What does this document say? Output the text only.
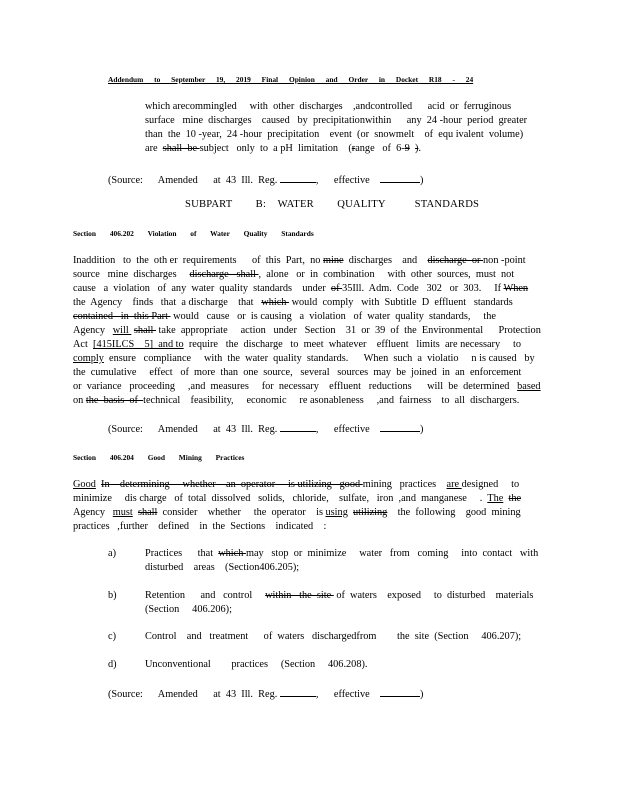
Addendum to September 19, 2019 Final Opinion and Order in Docket R18 - 24
which arecommingled     with  other  discharges    ,andcontrolled      acid  or  ferruginous
surface   mine  discharges    caused   by  precipitationwithin      any  24 -hour  period  greater
than  the  10 -year,  24 -hour  precipitation    event  (or  snowmelt    of  equ ivalent  volume)
are  shall  be subject   only  to  a pH  limitation    (range   of  6-9 ).
(Source:      Amended      at  43  Ill.  Reg.	,      effective	)
SUBPART    B:  WATER    QUALITY     STANDARDS
Section 406.202 Violation of Water Quality Standards
Inaddition   to  the  oth er  requirements      of  this  Part,  no mine  discharges    and    discharge  or non -point
source   mine  discharges     discharge   shall ,  alone   or  in  combination     with  other  sources,  must  not
cause   a  violation   of  any  water  quality  standards    under  of 35Ill.  Adm.  Code   302   or  303.     If When
the  Agency    finds   that  a discharge    that   which  would  comply   with  Subtitle  D  effluent   standards
contained   in  this Part  would   cause   or  is causing   a  violation   of  water  quality  standards,     the
Agency   will  shall  take  appropriate     action   under   Section    31  or  39  of  the  Environmental      Protection
Act  [415ILCS    5]  and to  require   the  discharge   to  meet  whatever    effluent   limits  are necessary     to
comply  ensure   compliance     with  the  water  quality  standards.      When  such  a  violatio     n is caused   by
the  cumulative     effect   of  more  than  one  source,   several   sources  may  be  joined  in  an  enforcement
or  variance   proceeding     ,and  measures     for  necessary    effluent   reductions      will  be  determined   based
on the  basis  of  technical    feasibility,     economic     re asonableness     ,and  fairness    to  all  dischargers.
(Source:      Amended      at  43  Ill.  Reg.	,      effective	)
Section 406.204 Good Mining Practices
Good In    determining     whether    an  operator     is utilizing   good mining   practices    are designed     to
minimize     dis charge   of  total  dissolved   solids,   chloride,    sulfate,   iron  ,and  manganese     .  The the
Agency   must shall  consider    whether     the  operator    is using utilizing    the  following    good  mining
practices   ,further    defined    in  the  Sections    indicated    :
a)	Practices      that  which may   stop  or  minimize     water   from   coming     into  contact   with
disturbed    areas    (Section406.205);
b)	Retention      and   control     within   the  site  of  waters    exposed     to  disturbed    materials
(Section     406.206);
c)	Control    and   treatment      of  waters   dischargedfrom        the  site  (Section     406.207);
d)	Unconventional        practices     (Section     406.208).
(Source:      Amended      at  43  Ill.  Reg.	,      effective	)
